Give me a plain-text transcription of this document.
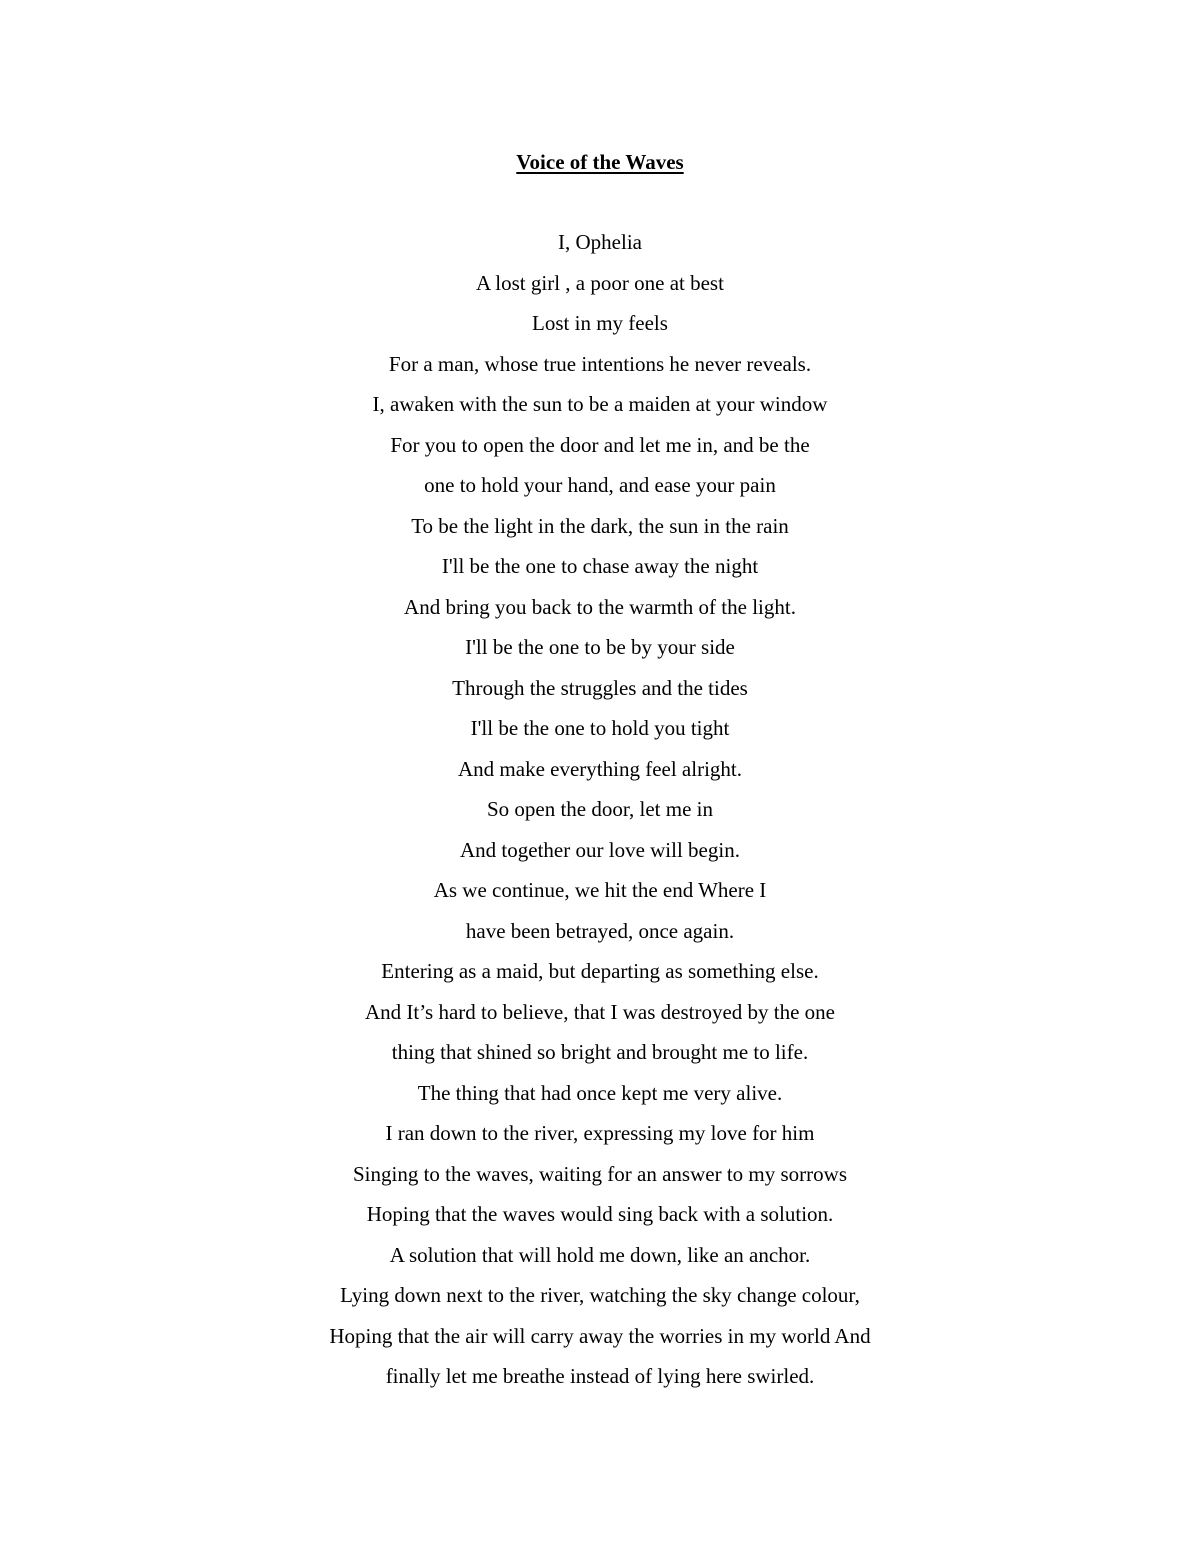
Voice of the Waves
I, Ophelia
A lost girl , a poor one at best
Lost in my feels
For a man, whose true intentions he never reveals.
I, awaken with the sun to be a maiden at your window
For you to open the door and let me in, and be the
one to hold your hand, and ease your pain
To be the light in the dark, the sun in the rain
I'll be the one to chase away the night
And bring you back to the warmth of the light.
I'll be the one to be by your side
Through the struggles and the tides
I'll be the one to hold you tight
And make everything feel alright.
So open the door, let me in
And together our love will begin.
As we continue, we hit the end Where I
have been betrayed, once again.
Entering as a maid, but departing as something else.
And It’s hard to believe, that I was destroyed by the one
thing that shined so bright and brought me to life.
The thing that had once kept me very alive.
I ran down to the river, expressing my love for him
Singing to the waves, waiting for an answer to my sorrows
Hoping that the waves would sing back with a solution.
A solution that will hold me down, like an anchor.
Lying down next to the river, watching the sky change colour,
Hoping that the air will carry away the worries in my world And
finally let me breathe instead of lying here swirled.
